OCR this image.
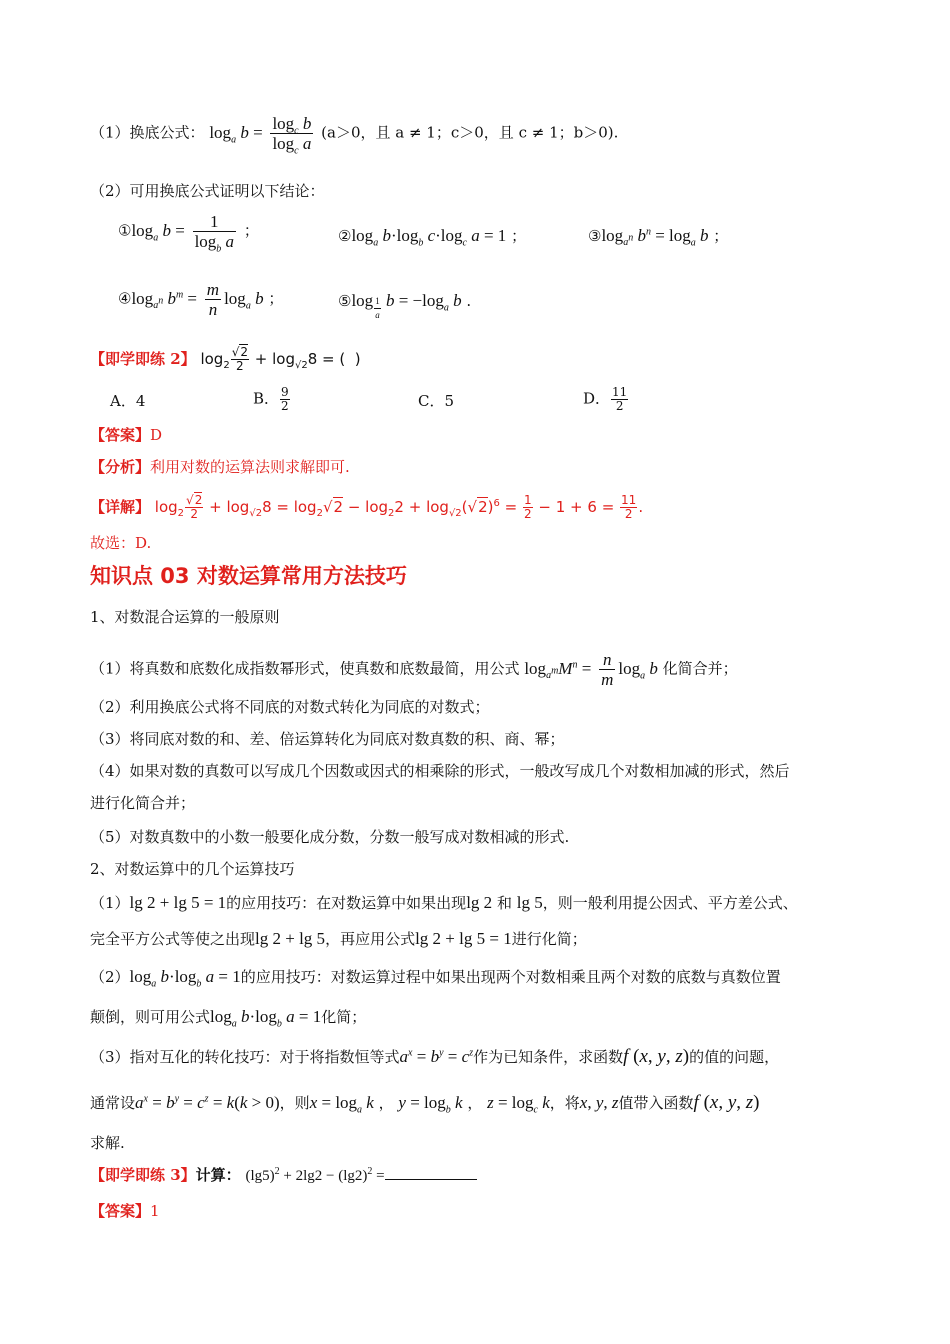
（1）换底公式： $\log_a b = \frac{\log_c b}{\log_c a} (a>0$，且 a ≠ 1；c＞0，且 c ≠ 1；b＞0).
（2）可用换底公式证明以下结论：
$①\log_a$ $b = \frac{1}{\log_b a}$ ；	$②\log_a$ $b\cdot\log_b$ $c\cdot\log_c$ a = 1 ；	$③\log_{a^n}$ $b^n = \log_a b$ ；
$④\log_{a^n}$ $b^m = \frac{m}{n} \log_a b$ ；	⑤log $_{\frac{1}{a}}$ $b = -\log_a$ b .
【即学即练 2】 $\log_2 \frac{√2}{2} + \log_{√2}8$ = (  )
A．4	B． $\frac{9}{2}$	C．5	D． $\frac{11}{2}$
【答案】D
【分析】利用对数的运算法则求解即可.
【详解】 $\log_2 \frac{√2}{2} + \log_{√2}8 = \log_2√2 - \log_22 + \log_{√2}(√2)^6 = \frac{1}{2} - 1 + 6 = \frac{11}{2}$ .
故选：D.
知识点 03 对数运算常用方法技巧
1、对数混合运算的一般原则
（1）将真数和底数化成指数幂形式，使真数和底数最简，用公式 $\log_{a^m}M^n = \frac{n}{m} \log_a b$ 化简合并；
（2）利用换底公式将不同底的对数式转化为同底的对数式；
（3）将同底对数的和、差、倍运算转化为同底对数真数的积、商、幂；
（4）如果对数的真数可以写成几个因数或因式的相乘除的形式，一般改写成几个对数相加减的形式，然后
进行化简合并；
（5）对数真数中的小数一般要化成分数，分数一般写成对数相减的形式.
2、对数运算中的几个运算技巧
（1）lg 2 + lg 5 = 1的应用技巧：在对数运算中如果出现lg 2 和 lg 5，则一般利用提公因式、平方差公式、
完全平方公式等使之出现lg 2 + lg 5，再应用公式lg 2 + lg 5 = 1进行化简；
$(2)\log_a$ $b\cdot\log_b$ a = 1的应用技巧：对数运算过程中如果出现两个对数相乘且两个对数的底数与真数位置
颠倒，则可用公式$\log_a b\cdot\log_b$ a = 1化简；
（3）指对互化的转化技巧：对于将指数恒等式$a^x = b^y = c^z$作为已知条件，求函数f (x, y, z)的值的问题，
通常设$a^x = b^y = c^z = k(k > 0)$，则$x = \log_a k$ ， $y = \log_b k$ ， $z = \log_c k$，将x, y, z值带入函数f (x, y, z)
求解.
【即学即练 3】计算： $(\lg 5)^2 + 2\lg 2 - (\lg 2)^2$ =
【答案】1
